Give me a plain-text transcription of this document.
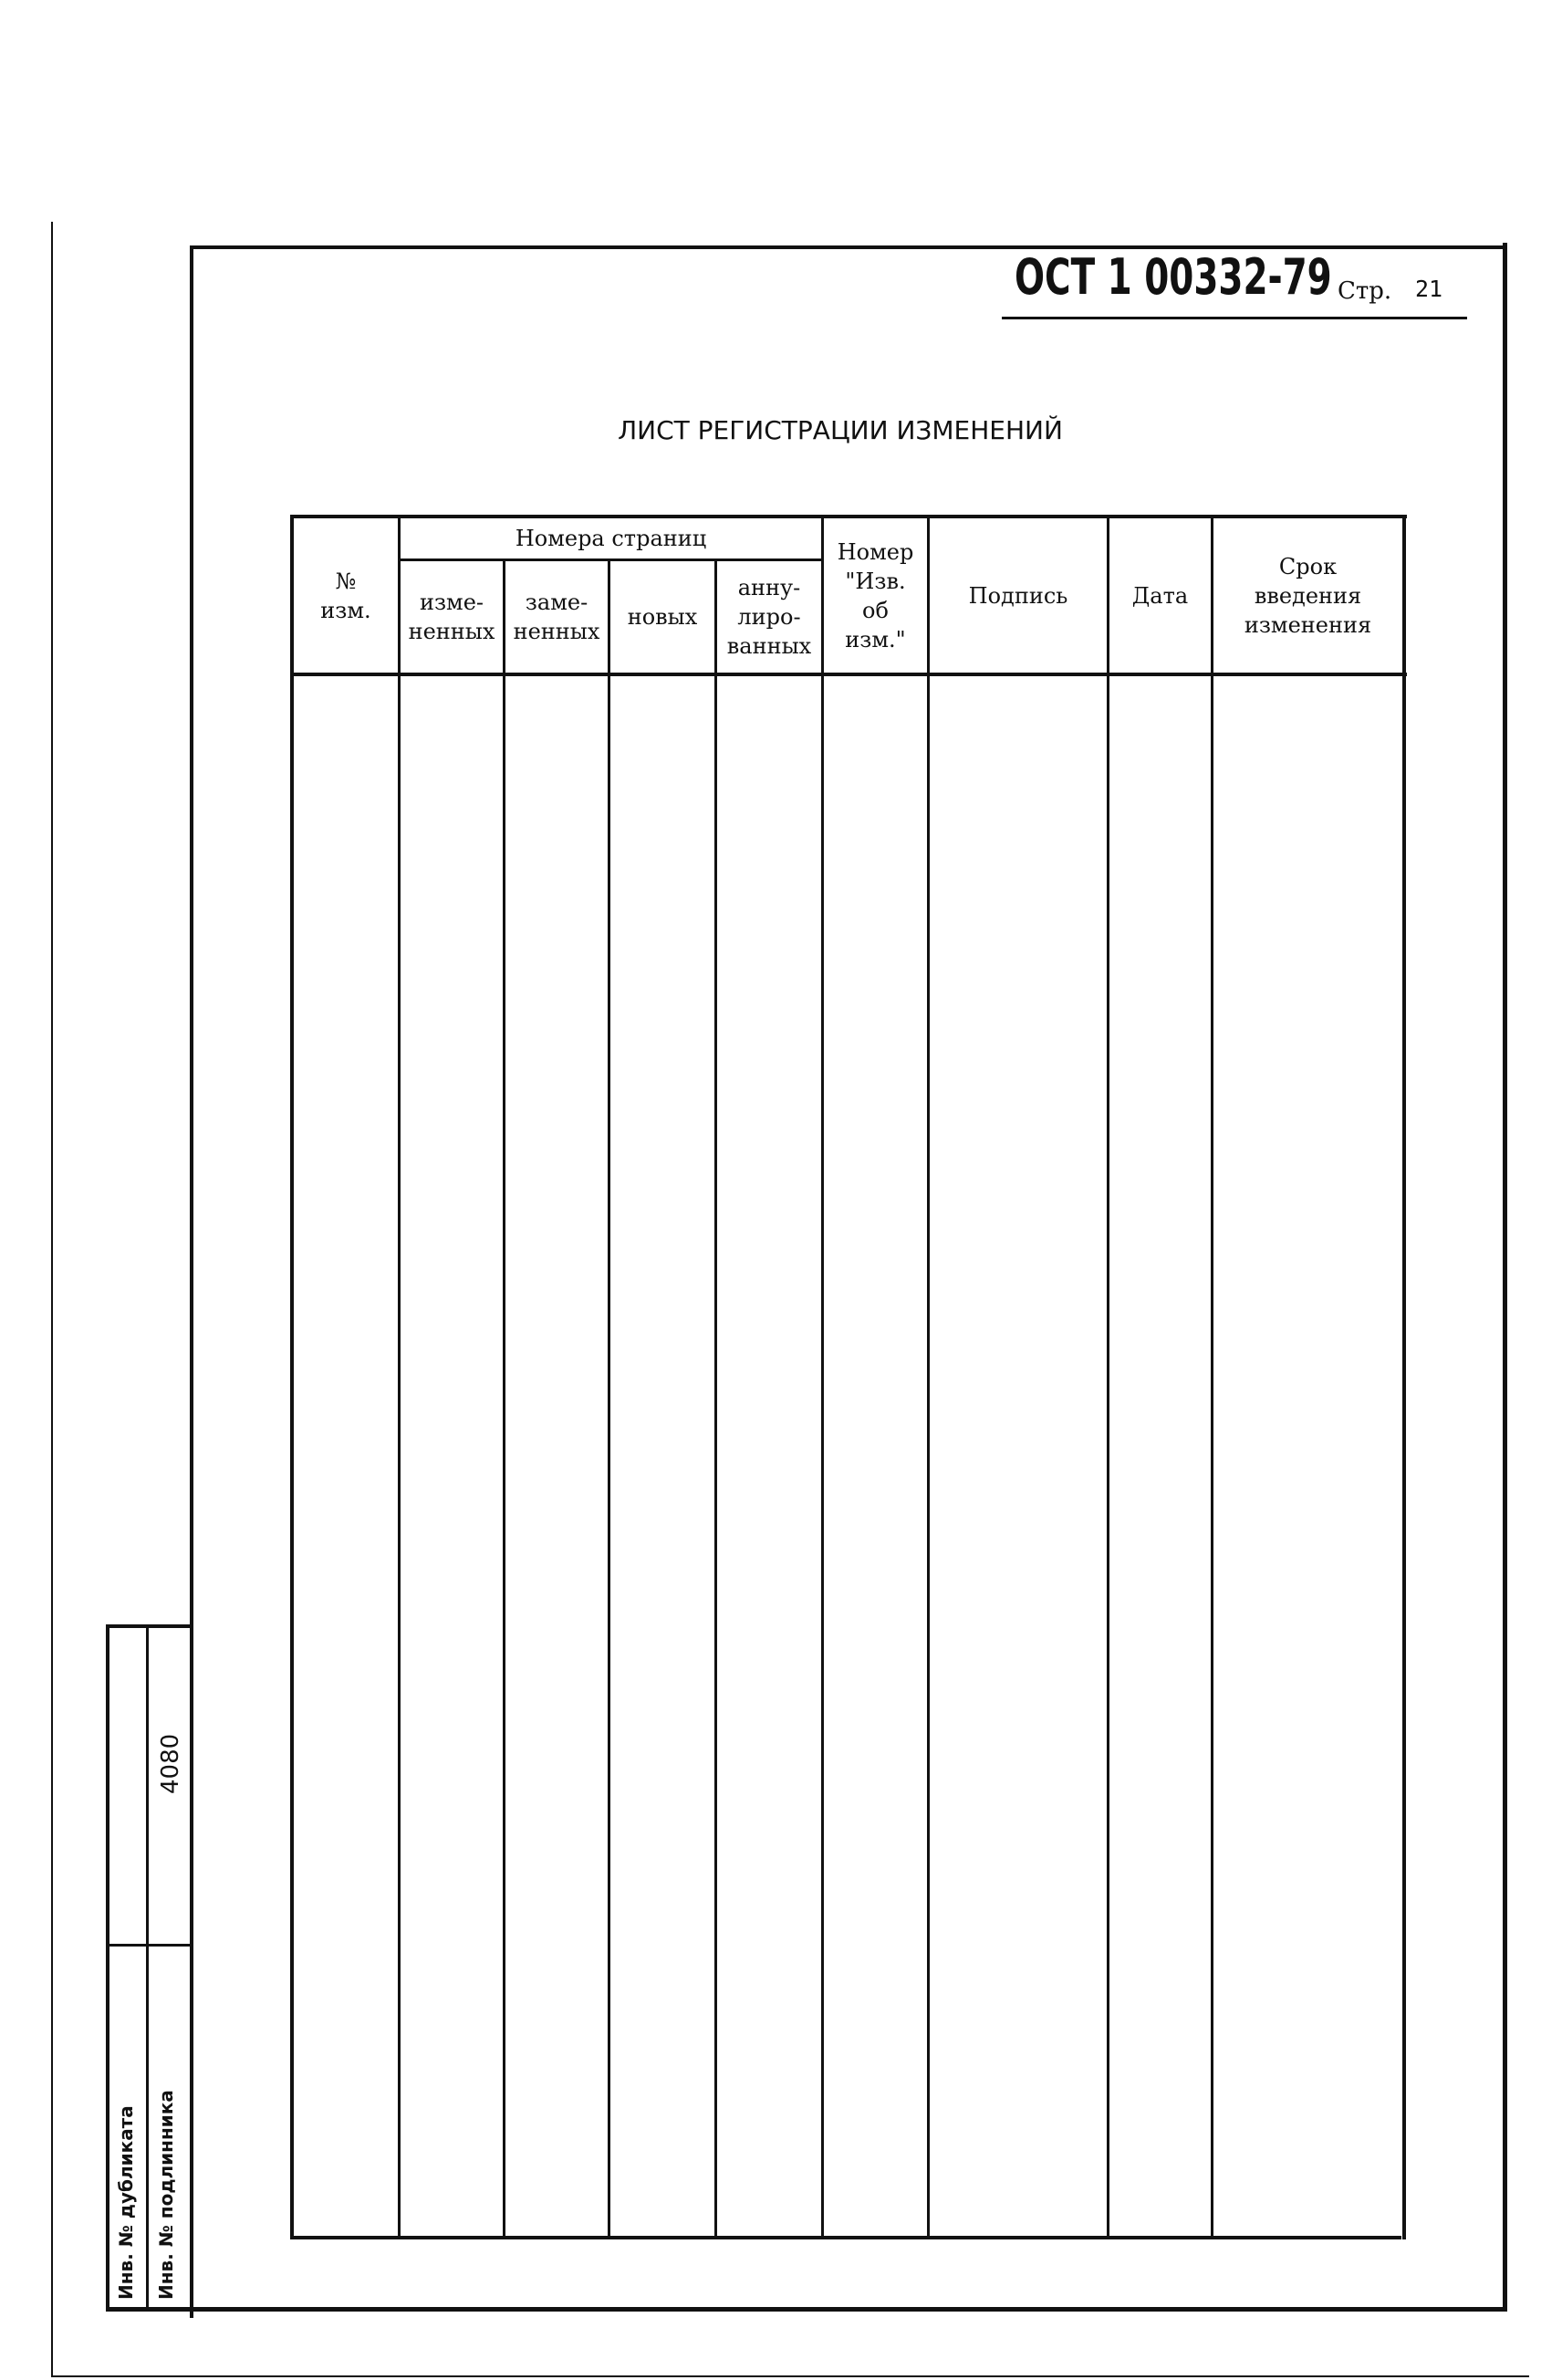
ОСТ 1 00332-79 Стр. 21
ЛИСТ РЕГИСТРАЦИИ ИЗМЕНЕНИЙ
№
изм.
Номера страниц
изме-
ненных
заме-
ненных
новых
анну-
лиро-
ванных
Номер
"Изв.
об
изм."
Подпись	Дата
Срок
введения
изменения
Инв. № дубликата Инв. № подлинника
4080
